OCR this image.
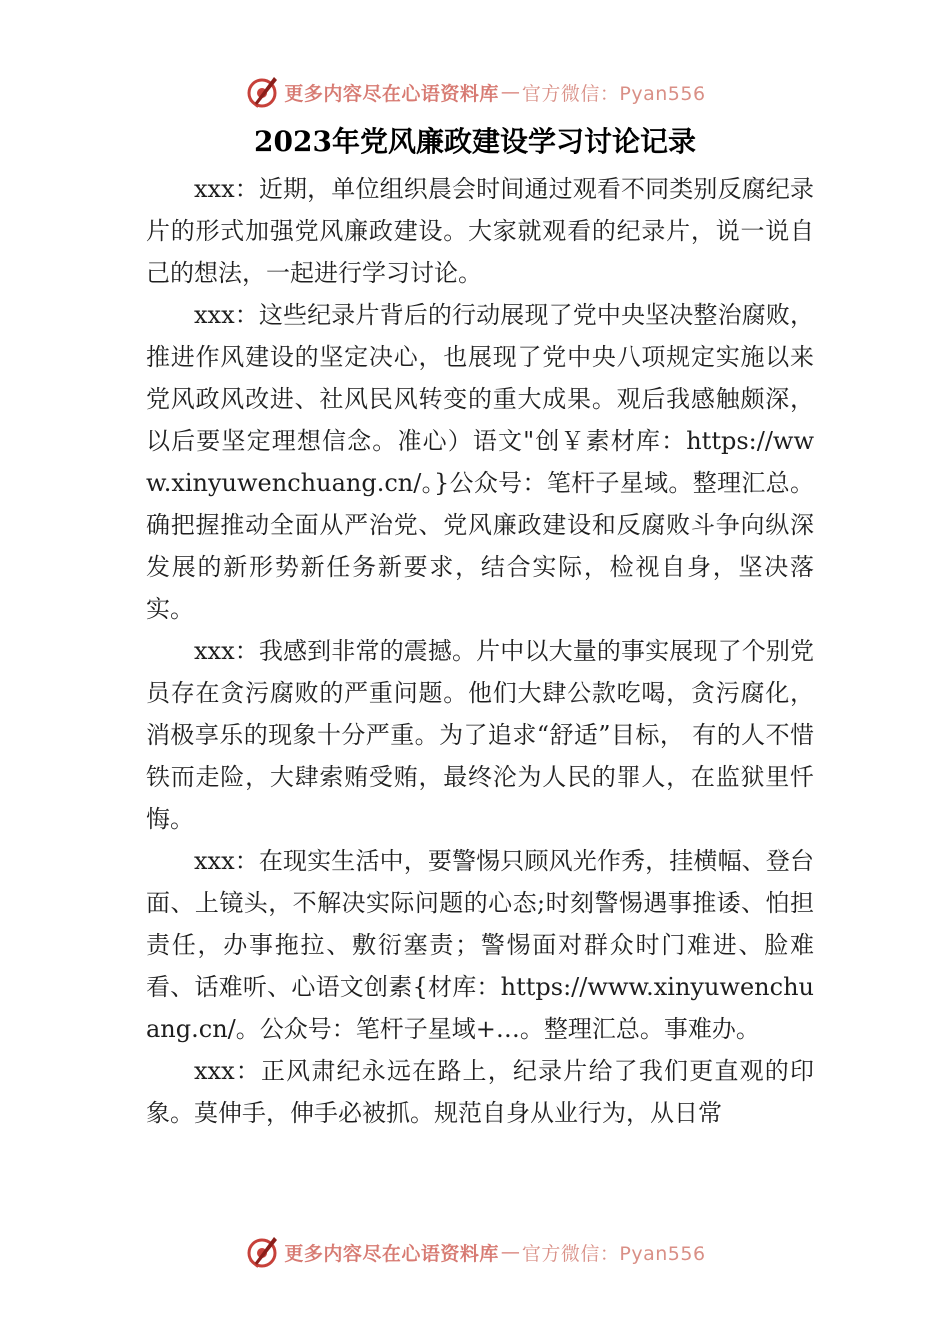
更多内容尽在心语资料库 — 官方微信：Pyan556
2023年党风廉政建设学习讨论记录

xxx：近期，单位组织晨会时间通过观看不同类别反腐纪录片的形式加强党风廉政建设。大家就观看的纪录片，说一说自己的想法，一起进行学习讨论。

xxx：这些纪录片背后的行动展现了党中央坚决整治腐败，推进作风建设的坚定决心，也展现了党中央八项规定实施以来党风政风改进、社风民风转变的重大成果。观后我感触颇深，以后要坚定理想信念。准心）语文"创￥素材库：https://www.xinyuwenchuang.cn/。}公众号：笔杆子星域。整理汇总。确把握推动全面从严治党、党风廉政建设和反腐败斗争向纵深发展的新形势新任务新要求，结合实际，检视自身，坚决落实。

xxx：我感到非常的震撼。片中以大量的事实展现了个别党员存在贪污腐败的严重问题。他们大肆公款吃喝，贪污腐化，消极享乐的现象十分严重。为了追求“舒适”目标， 有的人不惜铁而走险，大肆索贿受贿，最终沦为人民的罪人，在监狱里忏悔。

xxx：在现实生活中，要警惕只顾风光作秀，挂横幅、登台面、上镜头，不解决实际问题的心态;时刻警惕遇事推诿、怕担责任，办事拖拉、敷衍塞责；警惕面对群众时门难进、脸难看、话难听、心语文创素{材库：https://www.xinyuwenchuang.cn/。公众号：笔杆子星域+…。整理汇总。事难办。

xxx：正风肃纪永远在路上，纪录片给了我们更直观的印象。莫伸手，伸手必被抓。规范自身从业行为，从日常

更多内容尽在心语资料库 — 官方微信：Pyan556
